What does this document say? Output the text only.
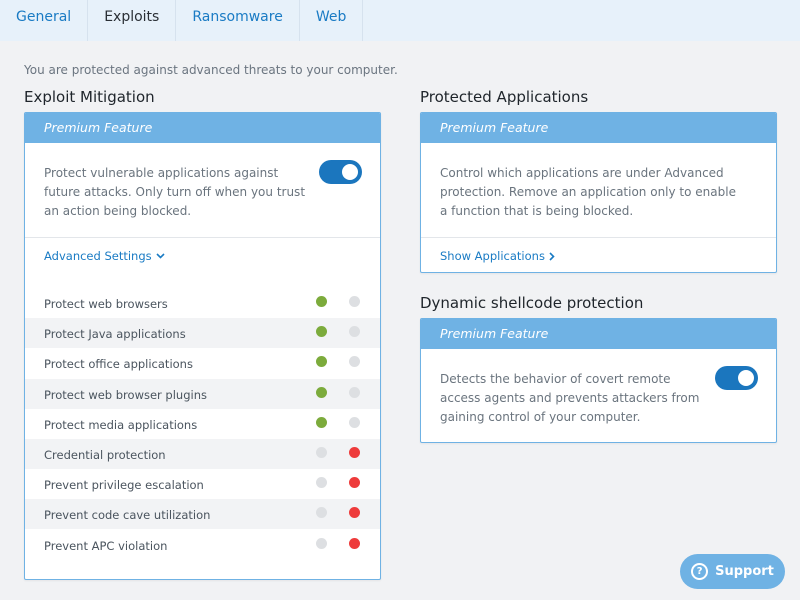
General	Exploits	Ransomware	Web
You are protected against advanced threats to your computer.
Exploit Mitigation
Premium Feature
Protect vulnerable applications against future attacks. Only turn off when you trust an action being blocked.
Advanced Settings
Protect web browsers
Protect Java applications
Protect office applications
Protect web browser plugins
Protect media applications
Credential protection
Prevent privilege escalation
Prevent code cave utilization
Prevent APC violation
Protected Applications
Premium Feature
Control which applications are under Advanced protection. Remove an application only to enable a function that is being blocked.
Show Applications
Dynamic shellcode protection
Premium Feature
Detects the behavior of covert remote access agents and prevents attackers from gaining control of your computer.
? Support
